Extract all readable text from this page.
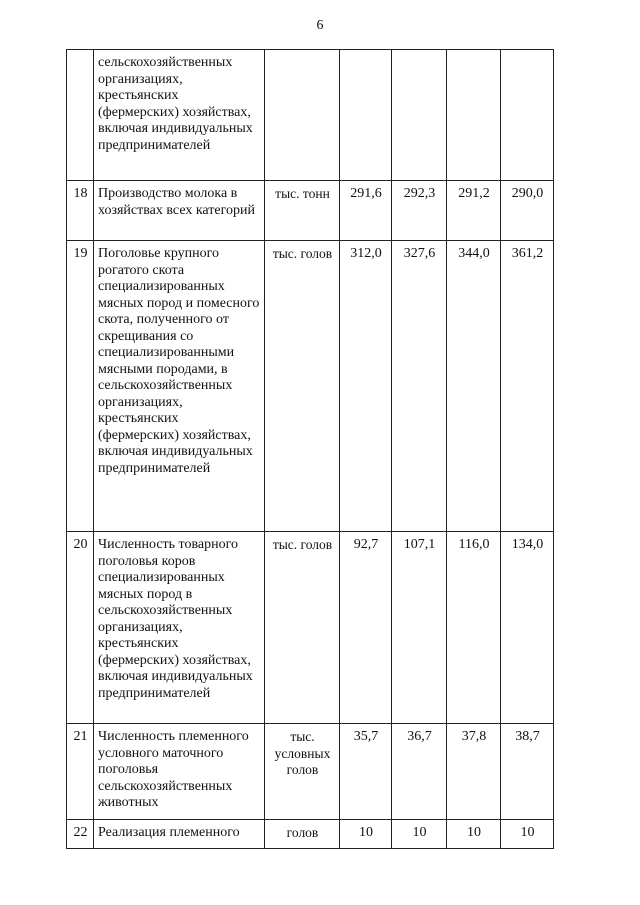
6
	сельскохозяйственных организациях, крестьянских (фермерских) хозяйствах, включая индивидуальных предпринимателей					
18	Производство молока в хозяйствах всех категорий	тыс. тонн	291,6	292,3	291,2	290,0
19	Поголовье крупного рогатого скота специализированных мясных пород и помесного скота, полученного от скрещивания со специализированными мясными породами, в сельскохозяйственных организациях, крестьянских (фермерских) хозяйствах, включая индивидуальных предпринимателей	тыс. голов	312,0	327,6	344,0	361,2
20	Численность товарного поголовья коров специализированных мясных пород в сельскохозяйственных организациях, крестьянских (фермерских) хозяйствах, включая индивидуальных предпринимателей	тыс. голов	92,7	107,1	116,0	134,0
21	Численность племенного условного маточного поголовья сельскохозяйственных животных	тыс. условных голов	35,7	36,7	37,8	38,7
22	Реализация племенного	голов	10	10	10	10
